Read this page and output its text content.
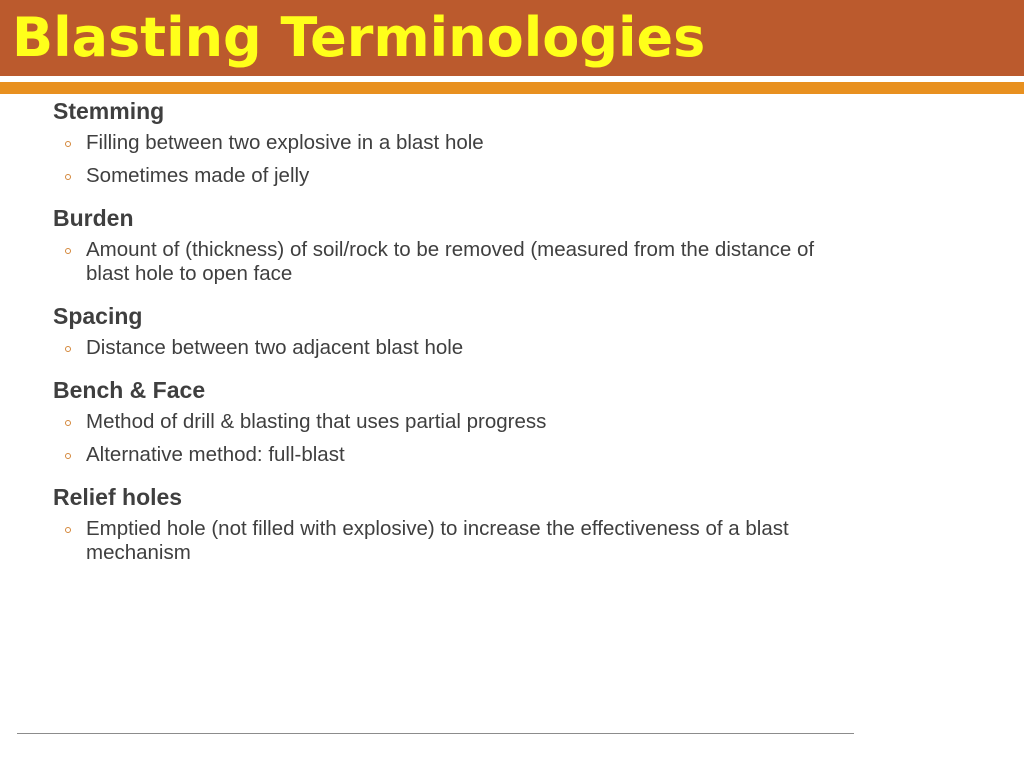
Blasting Terminologies
Stemming
Filling between two explosive in a blast hole
Sometimes made of jelly
Burden
Amount of (thickness) of soil/rock to be removed (measured from the distance of blast hole to open face
Spacing
Distance between two adjacent blast hole
Bench & Face
Method of drill & blasting that uses partial progress
Alternative method: full-blast
Relief holes
Emptied hole (not filled with explosive) to increase the effectiveness of a blast mechanism
